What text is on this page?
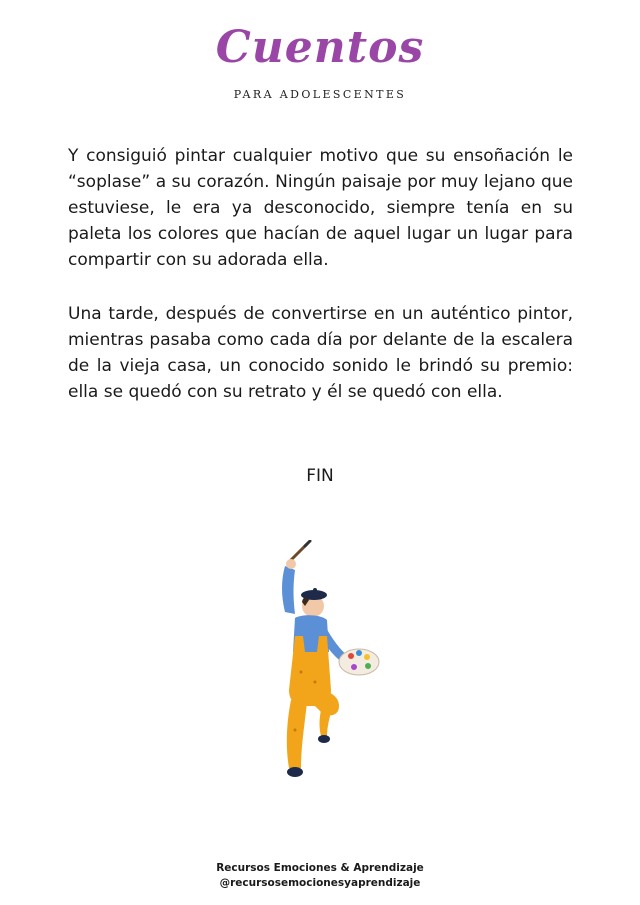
Cuentos
PARA ADOLESCENTES

Y consiguió pintar cualquier motivo que su ensoñación le “soplase” a su corazón. Ningún paisaje por muy lejano que estuviese, le era ya desconocido, siempre tenía en su paleta los colores que hacían de aquel lugar un lugar para compartir con su adorada ella.

Una tarde, después de convertirse en un auténtico pintor, mientras pasaba como cada día por delante de la escalera de la vieja casa, un conocido sonido le brindó su premio: ella se quedó con su retrato y él se quedó con ella.

FIN
Recursos Emociones & Aprendizaje
@recursosemocionesyaprendizaje
